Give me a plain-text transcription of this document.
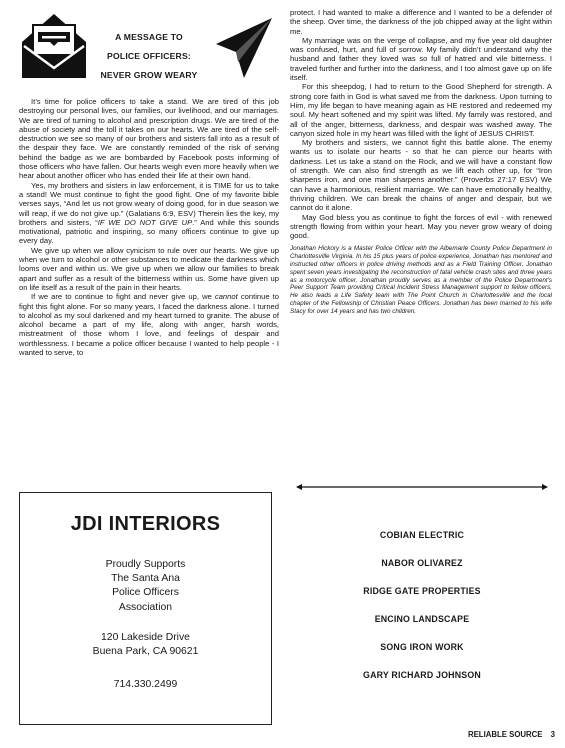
A MESSAGE TO
POLICE OFFICERS:
NEVER GROW WEARY

It’s time for police officers to take a stand. We are tired of this job destroying our personal lives, our families, our livelihood, and our marriages. We are tired of turning to alcohol and prescription drugs. We are tired of the abuse of society and the toll it takes on our hearts. We are tired of the self-destruction we see so many of our brothers and sisters fall into as a result of the despair they face. We are constantly reminded of the risk of serving behind the badge as we are bombarded by Facebook posts informing of those officers who have fallen. Our hearts weigh even more heavily when we hear about another officer who has ended their life at their own hand.

Yes, my brothers and sisters in law enforcement, it is TIME for us to take a stand! We must continue to fight the good fight. One of my favorite bible verses says, “And let us not grow weary of doing good, for in due season we will reap, if we do not give up.” (Galatians 6:9, ESV) Therein lies the key, my brothers and sisters, “IF WE DO NOT GIVE UP.” And while this sounds motivational, patriotic and inspiring, so many officers continue to give up every day.

We give up when we allow cynicism to rule over our hearts. We give up when we turn to alcohol or other substances to medicate the darkness which looms over and within us. We give up when we allow our families to break apart and suffer as a result of the bitterness within us. Some have given up on life itself as a result of the pain in their hearts.

If we are to continue to fight and never give up, we cannot continue to fight this fight alone. For so many years, I faced the darkness alone. I turned to alcohol as my soul darkened and my heart turned to granite. The abuse of alcohol became a part of my life, along with anger, harsh words, mistreatment of those whom I love, and feelings of despair and worthlessness. I became a police officer because I wanted to help people - I wanted to serve, to

protect. I had wanted to make a difference and I wanted to be a defender of the sheep. Over time, the darkness of the job chipped away at the light within me.

My marriage was on the verge of collapse, and my five year old daughter was confused, hurt, and full of sorrow. My family didn’t understand why the husband and father they loved was so full of hatred and vile bitterness. I traveled further and further into the darkness, and I too almost gave up on life itself.

For this sheepdog, I had to return to the Good Shepherd for strength. A strong core faith in God is what saved me from the darkness. Upon turning to Him, my life began to have meaning again as HE restored and redeemed my soul. My heart softened and my spirit was lifted. My family was restored, and all of the anger, bitterness, darkness, and despair was washed away. The canyon sized hole in my heart was filled with the light of JESUS CHRIST.

My brothers and sisters, we cannot fight this battle alone. The enemy wants us to isolate our hearts - so that he can pierce our hearts with darkness. Let us take a stand on the Rock, and we will have a constant flow of strength. We can also find strength as we lift each other up, for “Iron sharpens iron, and one man sharpens another.” (Proverbs 27:17 ESV) We can have a harmonious, resilient marriage. We can have emotionally healthy, thriving children. We can break the chains of anger and despair, but we cannot do it alone.

May God bless you as continue to fight the forces of evil - with renewed strength flowing from within your heart. May you never grow weary of doing good.

Jonathan Hickory is a Master Police Officer with the Albemarle County Police Department in Charlottesville Virginia. In his 15 plus years of police experience, Jonathan has mentored and instructed other officers in police driving methods and as a Field Training Officer. Jonathan spent seven years investigating the reconstruction of fatal vehicle crash sites and three years as a motorcycle officer. Jonathan proudly serves as a member of the Police Department’s Peer Support Team providing Critical Incident Stress Management support to fellow officers. He also leads a Life Safety team with The Point Church in Charlottesville and the local chapter of the Fellowship of Christian Peace Officers. Jonathan has been married to his wife Stacy for over 14 years and has two children.

JDI INTERIORS
Proudly Supports
The Santa Ana
Police Officers
Association
120 Lakeside Drive
Buena Park, CA 90621
714.330.2499
COBIAN ELECTRIC
NABOR OLIVAREZ
RIDGE GATE PROPERTIES
ENCINO LANDSCAPE
SONG IRON WORK
GARY RICHARD JOHNSON
RELIABLE SOURCE 3
